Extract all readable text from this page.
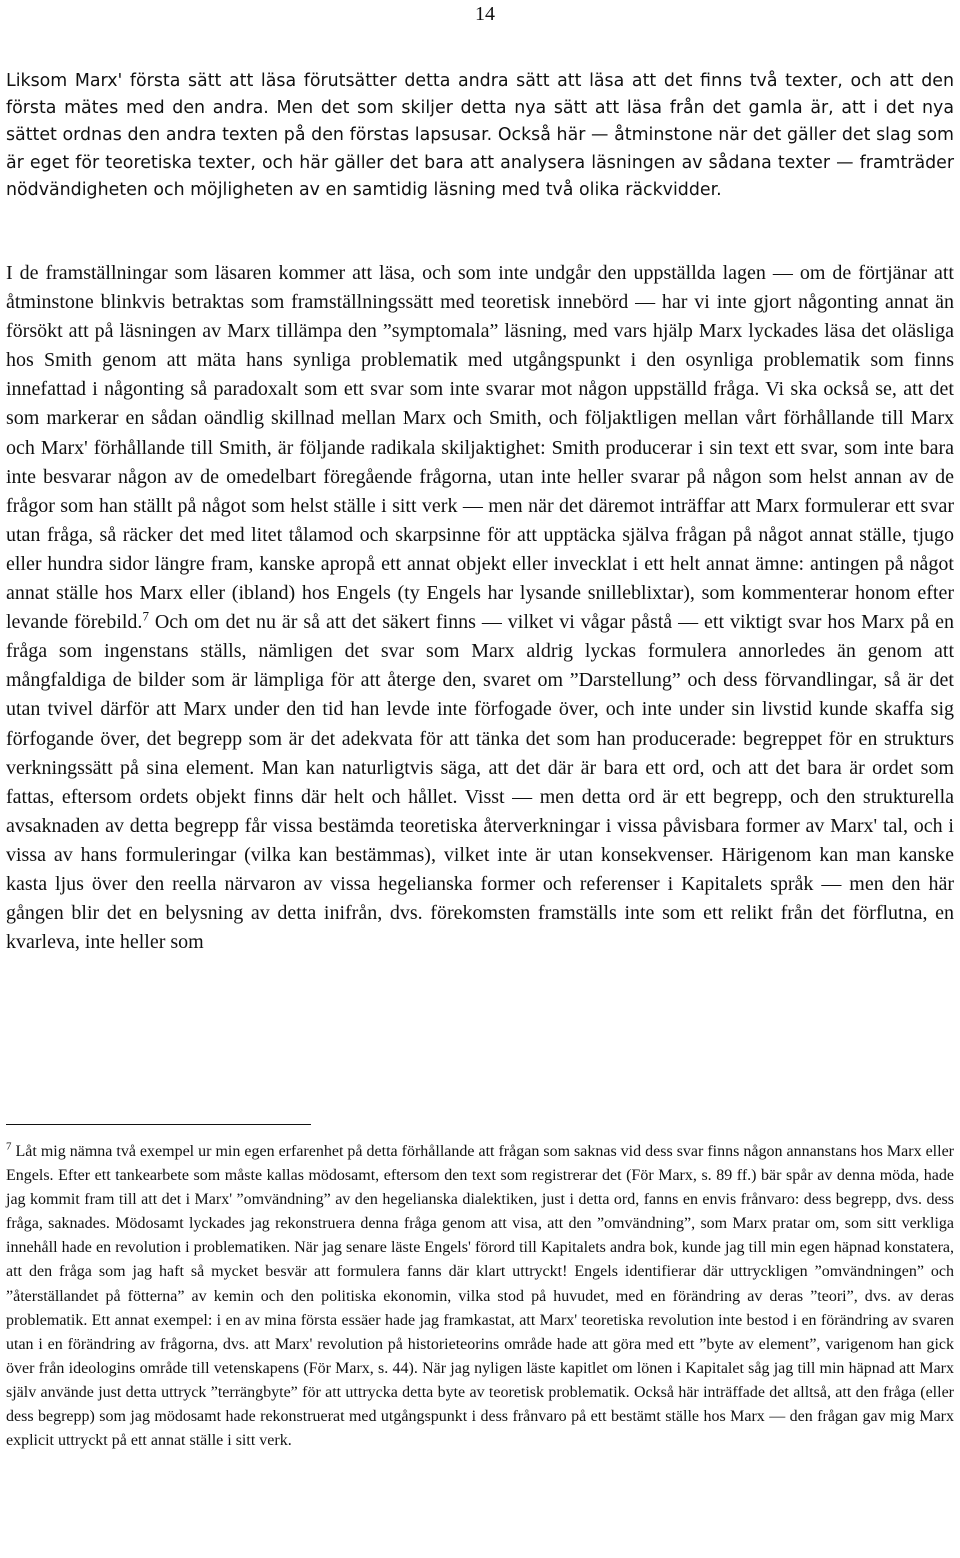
14

Liksom Marx' första sätt att läsa förutsätter detta andra sätt att läsa att det finns två texter, och att den första mätes med den andra. Men det som skiljer detta nya sätt att läsa från det gamla är, att i det nya sättet ordnas den andra texten på den förstas lapsusar. Också här — åtminstone när det gäller det slag som är eget för teoretiska texter, och här gäller det bara att analysera läsningen av sådana texter — framträder nödvändigheten och möjligheten av en samtidig läsning med två olika räckvidder.

I de framställningar som läsaren kommer att läsa, och som inte undgår den uppställda lagen — om de förtjänar att åtminstone blinkvis betraktas som framställningssätt med teoretisk innebörd — har vi inte gjort någonting annat än försökt att på läsningen av Marx tillämpa den ”symptomala” läsning, med vars hjälp Marx lyckades läsa det oläsliga hos Smith genom att mäta hans synliga problematik med utgångspunkt i den osynliga problematik som finns innefattad i någonting så paradoxalt som ett svar som inte svarar mot någon uppställd fråga. Vi ska också se, att det som markerar en sådan oändlig skillnad mellan Marx och Smith, och följaktligen mellan vårt förhållande till Marx och Marx' förhållande till Smith, är följande radikala skiljaktighet: Smith producerar i sin text ett svar, som inte bara inte besvarar någon av de omedelbart föregående frågorna, utan inte heller svarar på någon som helst annan av de frågor som han ställt på något som helst ställe i sitt verk — men när det däremot inträffar att Marx formulerar ett svar utan fråga, så räcker det med litet tålamod och skarpsinne för att upptäcka själva frågan på något annat ställe, tjugo eller hundra sidor längre fram, kanske apropå ett annat objekt eller invecklat i ett helt annat ämne: antingen på något annat ställe hos Marx eller (ibland) hos Engels (ty Engels har lysande snilleblixtar), som kommenterar honom efter levande förebild.$^7$ Och om det nu är så att det säkert finns — vilket vi vågar påstå — ett viktigt svar hos Marx på en fråga som ingenstans ställs, nämligen det svar som Marx aldrig lyckas formulera annorledes än genom att mångfaldiga de bilder som är lämpliga för att återge den, svaret om ”Darstellung” och dess förvandlingar, så är det utan tvivel därför att Marx under den tid han levde inte förfogade över, och inte under sin livstid kunde skaffa sig förfogande över, det begrepp som är det adekvata för att tänka det som han producerade: begreppet för en strukturs verkningssätt på sina element. Man kan naturligtvis säga, att det där är bara ett ord, och att det bara är ordet som fattas, eftersom ordets objekt finns där helt och hållet. Visst — men detta ord är ett begrepp, och den strukturella avsaknaden av detta begrepp får vissa bestämda teoretiska återverkningar i vissa påvisbara former av Marx' tal, och i vissa av hans formuleringar (vilka kan bestämmas), vilket inte är utan konsekvenser. Härigenom kan man kanske kasta ljus över den reella närvaron av vissa hegelianska former och referenser i Kapitalets språk — men den här gången blir det en belysning av detta inifrån, dvs. förekomsten framställs inte som ett relikt från det förflutna, en kvarleva, inte heller som

$^7$ Låt mig nämna två exempel ur min egen erfarenhet på detta förhållande att frågan som saknas vid dess svar finns någon annanstans hos Marx eller Engels. Efter ett tankearbete som måste kallas mödosamt, eftersom den text som registrerar det (För Marx, s. 89 ff.) bär spår av denna möda, hade jag kommit fram till att det i Marx' ”omvändning” av den hegelianska dialektiken, just i detta ord, fanns en envis frånvaro: dess begrepp, dvs. dess fråga, saknades. Mödosamt lyckades jag rekonstruera denna fråga genom att visa, att den ”omvändning”, som Marx pratar om, som sitt verkliga innehåll hade en revolution i problematiken. När jag senare läste Engels' förord till Kapitalets andra bok, kunde jag till min egen häpnad konstatera, att den fråga som jag haft så mycket besvär att formulera fanns där klart uttryckt! Engels identifierar där uttryckligen ”omvändningen” och ”återställandet på fötterna” av kemin och den politiska ekonomin, vilka stod på huvudet, med en förändring av deras ”teori”, dvs. av deras problematik. Ett annat exempel: i en av mina första essäer hade jag framkastat, att Marx' teoretiska revolution inte bestod i en förändring av svaren utan i en förändring av frågorna, dvs. att Marx' revolution på historieteorins område hade att göra med ett ”byte av element”, varigenom han gick över från ideologins område till vetenskapens (För Marx, s. 44). När jag nyligen läste kapitlet om lönen i Kapitalet såg jag till min häpnad att Marx själv använde just detta uttryck ”terrängbyte” för att uttrycka detta byte av teoretisk problematik. Också här inträffade det alltså, att den fråga (eller dess begrepp) som jag mödosamt hade rekonstruerat med utgångspunkt i dess frånvaro på ett bestämt ställe hos Marx — den frågan gav mig Marx explicit uttryckt på ett annat ställe i sitt verk.
